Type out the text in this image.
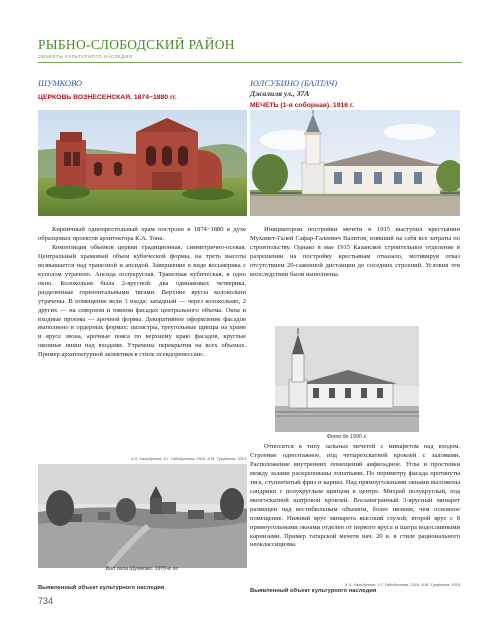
РЫБНО-СЛОБОДСКИЙ РАЙОН
ОБЪЕКТЫ КУЛЬТУРНОГО НАСЛЕДИЯ
ШУМКОВО
ЦЕРКОВЬ ВОЗНЕСЕНСКАЯ. 1874−1880 гг.

Кирпичный однопрестольный храм построен в 1874−1880 в духе образцовых проектов архитектора К.А. Тона.

Композиция объемов церкви традиционная, симметрично-осевая. Центральный храмовый объем кубической формы, на треть высоты возвышается над трапезной и апсидой. Завершение в виде восьмерика с куполом утрачено. Апсида полукруглая. Трапезная кубическая, в одно окно. Колокольня была 2-ярусной: два одинаковых четверика, разделенные горизонтальными тягами. Верхние ярусы колокольни утрачены. В помещение вели 3 входа: западный — через колокольню, 2 других — на северном и южном фасадах центрального объема. Окна и входные проемы — арочной формы. Декоративное оформление фасадов выполнено в ордерных формах: пилястры, треугольные щипцы на храме и ярусе звона, арочные пояса по верхнему краю фасадов, круглые оконные ниши над входами. Утрачены перекрытия на всех объемах. Пример архитектурной эклектики в стиле псевдоренессанс.

К.Х. Халидуллин, Х.Г. Габидуллина, 2016, А.М. Тухфатов, 2013
Вид села Шумково. 1970-е гг.
Выявленный объект культурного наследия
ЮЛСУБИНО (БАЛТАЧ)
Джалиля ул., 37А
МЕЧЕТЬ (1-я соборная). 1916 г.

Инициатором постройки мечети в 1915 выступил крестьянин Мухамет-Галей Сафар-Галеевич Валитов, взявший на себя все затраты по строительству. Однако в мае 1915 Казанское строительное отделение в разрешении на постройку крестьянам отказало, мотивируя отказ отсутствием 20-саженной дистанции до соседних строений. Условия эти впоследствии были выполнены.

Фото до 1990 г.

Относится к типу зальных мечетей с минаретом над входом. Строение одноэтажное, под четырехскатной кровлей с заломами. Расположение внутренних помещений анфиладное. Углы и простенки между залами раскреповаиы лопатками. По периметру фасада протянуты тяга, ступенчатый фриз и карниз. Над прямоугольными окнами выложены сандрики с полукруглым щипцом в центре. Михраб полукруглый, под многоскатной шатровой кровлей. Восьмигранный 3-ярусный минарет размещен над вестибюльным объемом, более низким, чем основное помещение. Нижний ярус минарета высокий глухой; второй ярус с 8 прямоугольными окнами отделен от первого яруса и шатра водосливными карнизами. Пример татарской мечети нач. 20 в. в стиле рационального неоклассицизма.

К.Х. Халидуллин, Х.Г. Габидуллина, 2016, А.М. Тухфатов, 2019
Выявленный объект культурного наследия
734
